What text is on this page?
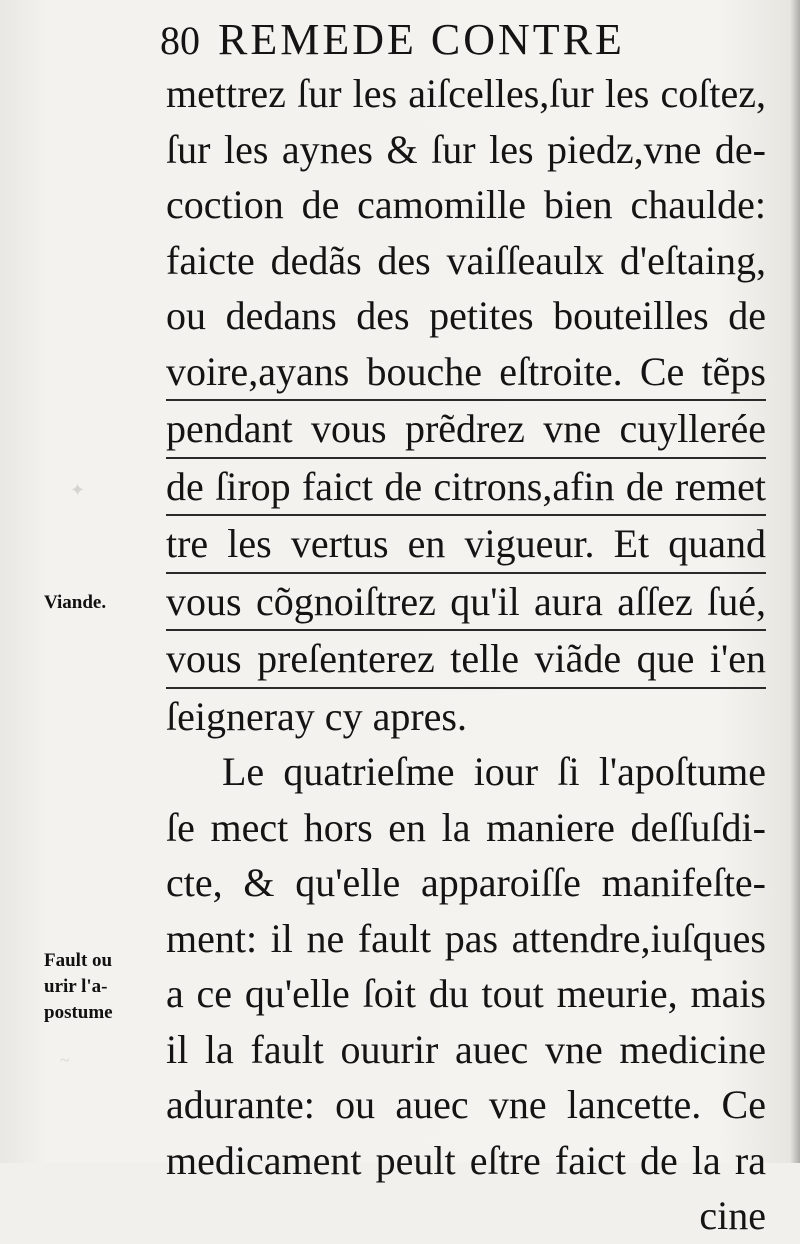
✦
~
80 REMEDE CONTRE
mettrez ſur les aiſcelles,ſur les coſtez,
ſur les aynes & ſur les piedz,vne de-
coction de camomille bien chaulde:
faicte dedãs des vaiſſeaulx d'eſtaing,
ou dedans des petites bouteilles de
voire,ayans bouche eſtroite. Ce tẽps
pendant vous prẽdrez vne cuyllerée
de ſirop faict de citrons,afin de remet
tre les vertus en vigueur. Et quand
vous cõgnoiſtrez qu'il aura aſſez ſué,
vous preſenterez telle viãde que i'en
ſeigneray cy apres.
Le quatrieſme iour ſi l'apoſtume
ſe mect hors en la maniere deſſuſdi-
cte, & qu'elle apparoiſſe manifeſte-
ment: il ne fault pas attendre,iuſques
a ce qu'elle ſoit du tout meurie, mais
il la fault ouurir auec vne medicine
adurante: ou auec vne lancette. Ce
medicament peult eſtre faict de la ra
cine
Viande.
Fault ou
urir l'a-
postume
